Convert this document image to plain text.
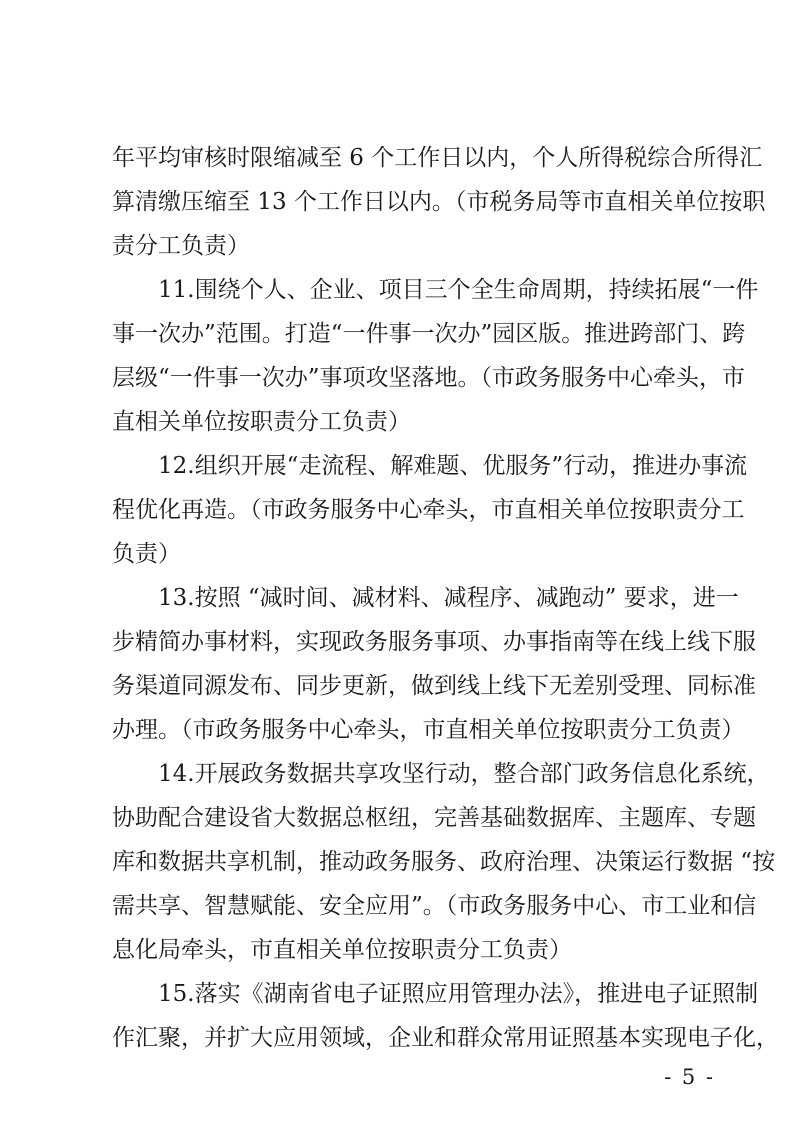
年平均审核时限缩减至 6 个工作日以内，个人所得税综合所得汇
算清缴压缩至 13 个工作日以内。（市税务局等市直相关单位按职
责分工负责）
11.围绕个人、企业、项目三个全生命周期，持续拓展“一件
事一次办”范围。打造“一件事一次办”园区版。推进跨部门、跨
层级“一件事一次办”事项攻坚落地。（市政务服务中心牵头，市
直相关单位按职责分工负责）
12.组织开展“走流程、解难题、优服务”行动，推进办事流
程优化再造。（市政务服务中心牵头，市直相关单位按职责分工
负责）
13.按照 “减时间、减材料、减程序、减跑动” 要求，进一
步精简办事材料，实现政务服务事项、办事指南等在线上线下服
务渠道同源发布、同步更新，做到线上线下无差别受理、同标准
办理。（市政务服务中心牵头，市直相关单位按职责分工负责）
14.开展政务数据共享攻坚行动，整合部门政务信息化系统，
协助配合建设省大数据总枢纽，完善基础数据库、主题库、专题
库和数据共享机制，推动政务服务、政府治理、决策运行数据 “按
需共享、智慧赋能、安全应用”。（市政务服务中心、市工业和信
息化局牵头，市直相关单位按职责分工负责）
15.落实《湖南省电子证照应用管理办法》，推进电子证照制
作汇聚，并扩大应用领域，企业和群众常用证照基本实现电子化，
- 5 -
